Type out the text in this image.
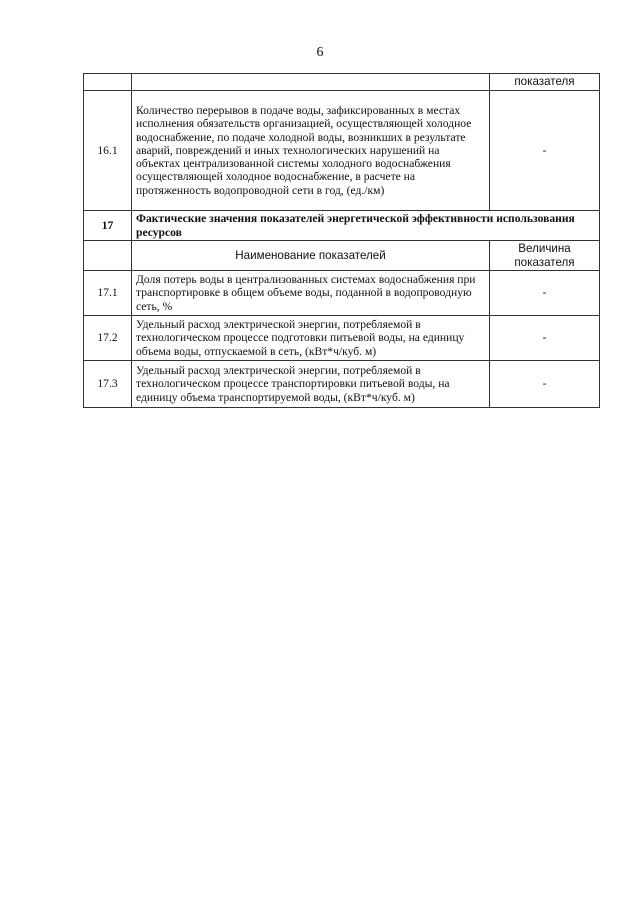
6
		показателя
16.1	Количество перерывов в подаче воды, зафиксированных в местах исполнения обязательств организацией, осуществляющей холодное водоснабжение, по подаче холодной воды, возникших в результате аварий, повреждений и иных технологических нарушений на объектах централизованной системы холодного водоснабжения осуществляющей холодное водоснабжение, в расчете на протяженность водопроводной сети в год, (ед./км)	-
17	Фактические значения показателей энергетической эффективности использования ресурсов	
	Наименование показателей	Величина показателя
17.1	Доля потерь воды в централизованных системах водоснабжения при транспортировке в общем объеме воды, поданной в водопроводную сеть, %	-
17.2	Удельный расход электрической энергии, потребляемой в технологическом процессе подготовки питьевой воды, на единицу объема воды, отпускаемой в сеть, (кВт*ч/куб. м)	-
17.3	Удельный расход электрической энергии, потребляемой в технологическом процессе транспортировки питьевой воды, на единицу объема транспортируемой воды, (кВт*ч/куб. м)	-
